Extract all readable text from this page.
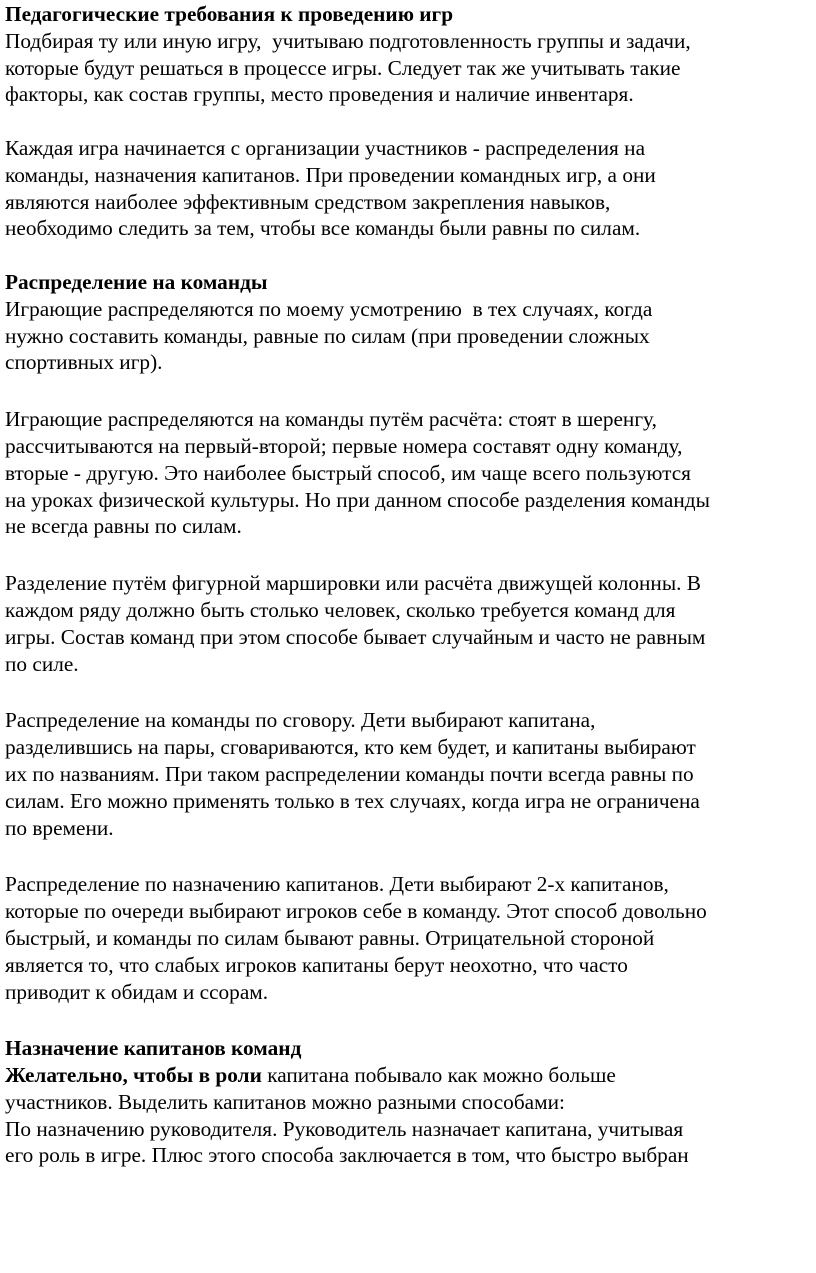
Педагогические требования к проведению игр
Подбирая ту или иную игру,  учитываю подготовленность группы и задачи,
которые будут решаться в процессе игры. Следует так же учитывать такие
факторы, как состав группы, место проведения и наличие инвентаря.
Каждая игра начинается с организации участников - распределения на
команды, назначения капитанов. При проведении командных игр, а они
являются наиболее эффективным средством закрепления навыков,
необходимо следить за тем, чтобы все команды были равны по силам.
Распределение на команды
Играющие распределяются по моему усмотрению  в тех случаях, когда
нужно составить команды, равные по силам (при проведении сложных
спортивных игр).
Играющие распределяются на команды путём расчёта: стоят в шеренгу,
рассчитываются на первый-второй; первые номера составят одну команду,
вторые - другую. Это наиболее быстрый способ, им чаще всего пользуются
на уроках физической культуры. Но при данном способе разделения команды
не всегда равны по силам.
Разделение путём фигурной маршировки или расчёта движущей колонны. В
каждом ряду должно быть столько человек, сколько требуется команд для
игры. Состав команд при этом способе бывает случайным и часто не равным
по силе.
Распределение на команды по сговору. Дети выбирают капитана,
разделившись на пары, сговариваются, кто кем будет, и капитаны выбирают
их по названиям. При таком распределении команды почти всегда равны по
силам. Его можно применять только в тех случаях, когда игра не ограничена
по времени.
Распределение по назначению капитанов. Дети выбирают 2-х капитанов,
которые по очереди выбирают игроков себе в команду. Этот способ довольно
быстрый, и команды по силам бывают равны. Отрицательной стороной
является то, что слабых игроков капитаны берут неохотно, что часто
приводит к обидам и ссорам.
Назначение капитанов команд
Желательно, чтобы в роли капитана побывало как можно больше
участников. Выделить капитанов можно разными способами:
По назначению руководителя. Руководитель назначает капитана, учитывая
его роль в игре. Плюс этого способа заключается в том, что быстро выбран
